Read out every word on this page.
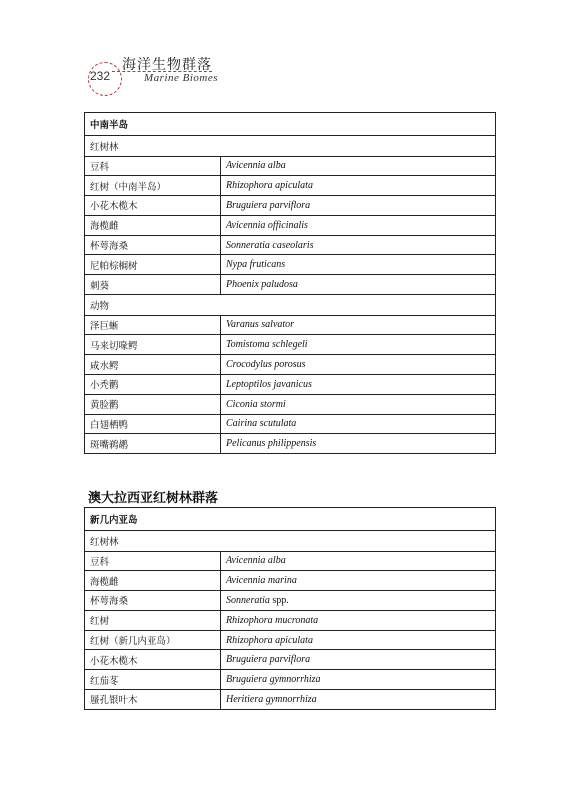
232
海洋生物群落
Marine Biomes
中南半岛	
红树林	
豆科	Avicennia alba
红树（中南半岛）	Rhizophora apiculata
小花木榄木	Bruguiera parviflora
海榄雌	Avicennia officinalis
杯萼海桑	Sonneratia caseolaris
尼帕棕榈树	Nypa fruticans
刺葵	Phoenix paludosa
动物	
泽巨蜥	Varanus salvator
马来切喙鳄	Tomistoma schlegeli
咸水鳄	Crocodylus porosus
小秃鹳	Leptoptilos javanicus
黄脸鹳	Ciconia stormi
白翅栖鸭	Cairina scutulata
斑嘴鹈鹕	Pelicanus philippensis
澳大拉西亚红树林群落
新几内亚岛	
红树林	
豆科	Avicennia alba
海榄雌	Avicennia marina
杯萼海桑	Sonneratia spp.
红树	Rhizophora mucronata
红树（新几内亚岛）	Rhizophora apiculata
小花木榄木	Bruguiera parviflora
红茄苳	Bruguiera gymnorrhiza
蜃孔银叶木	Heritiera gymnorrhiza
